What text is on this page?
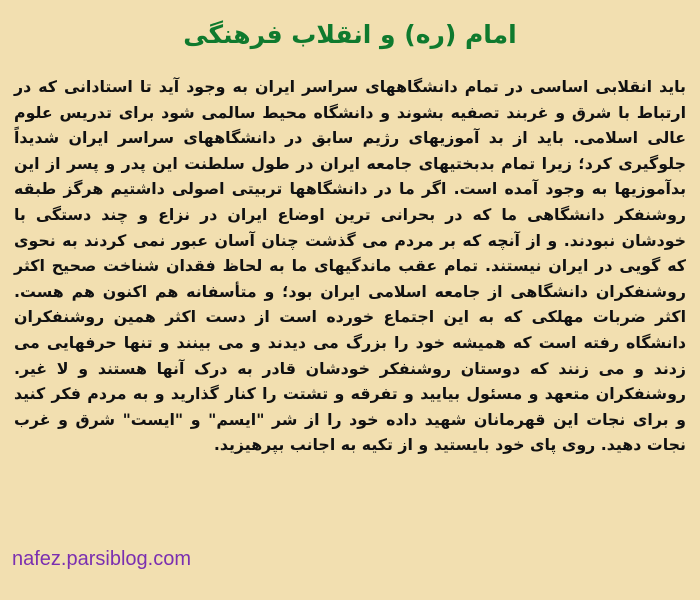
امام (ره) و انقلاب فرهنگی

باید انقلابی اساسی در تمام دانشگاههای سراسر ایران به وجود آید تا استادانی که در ارتباط با شرق و غربند تصفیه بشوند و دانشگاه محیط سالمی شود برای تدریس علوم عالی اسلامی. باید از بد آموزیهای رژیم سابق در دانشگاههای سراسر ایران شدیداً جلوگیری کرد؛ زیرا تمام بدبختیهای جامعه ایران در طول سلطنت این پدر و پسر از این بدآموزیها به وجود آمده است. اگر ما در دانشگاهها تربیتی اصولی داشتیم هرگز طبقه روشنفکر دانشگاهی ما که در بحرانی ترین اوضاع ایران در نزاع و چند دستگی با خودشان نبودند. و از آنچه که بر مردم می گذشت چنان آسان عبور نمی کردند به نحوی که گویی در ایران نیستند. تمام عقب ماندگیهای ما به لحاظ فقدان شناخت صحیح اکثر روشنفکران دانشگاهی از جامعه اسلامی ایران بود؛ و متأسفانه هم اکنون هم هست. اکثر ضربات مهلکی که به این اجتماع خورده است از دست اکثر همین روشنفکران دانشگاه رفته است که همیشه خود را بزرگ می دیدند و می بینند و تنها حرفهایی می زدند و می زنند که دوستان روشنفکر خودشان قادر به درک آنها هستند و لا غیر. روشنفکران متعهد و مسئول بیایید و تفرقه و تشتت را کنار گذارید و به مردم فکر کنید و برای نجات این قهرمانان شهید داده خود را از شر "ایسم" و "ایست" شرق و غرب نجات دهید. روی پای خود بایستید و از تکیه به اجانب بپرهیزید.

nafez.parsiblog.com
